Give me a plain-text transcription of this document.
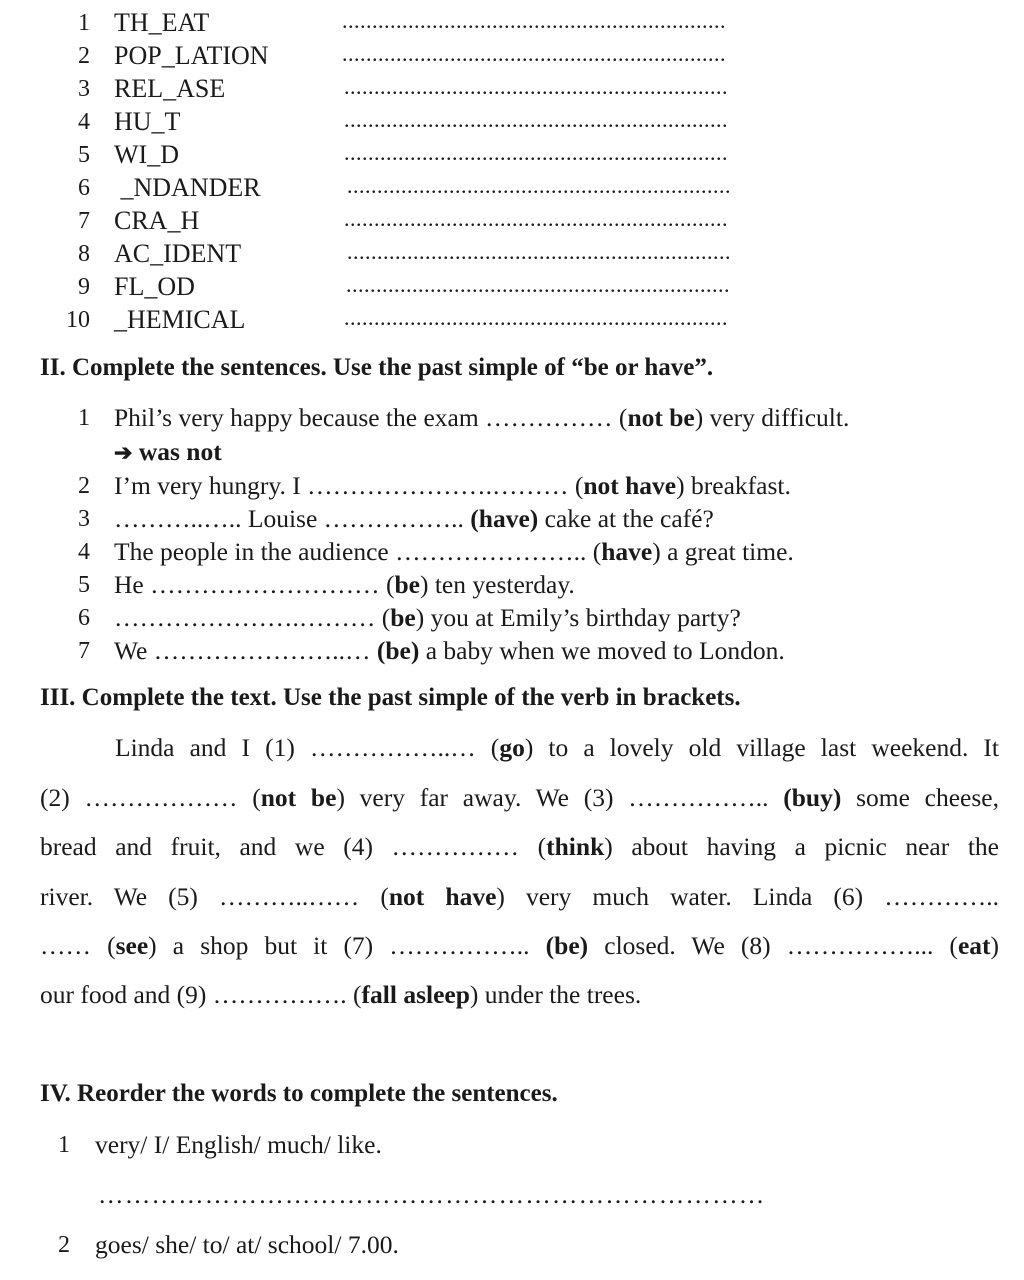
1 TH_EAT	................................................................
2 POP_LATION	................................................................
3 REL_ASE	................................................................
4 HU_T	................................................................
5 WI_D	................................................................
6 _NDANDER	................................................................
7 CRA_H	................................................................
8 AC_IDENT	................................................................
9 FL_OD	................................................................
10 _HEMICAL	................................................................
II. Complete the sentences. Use the past simple of “be or have”.
1 Phil’s very happy because the exam …………… (not be) very difficult.
2 I’m very hungry. I ………………….……… (not have) breakfast.
3 ………..….. Louise …………….. (have) cake at the café?
4 The people in the audience ………………….. (have) a great time.
5 He ……………………… (be) ten yesterday.
6 ………………….……… (be) you at Emily’s birthday party?
7 We …………………..… (be) a baby when we moved to London.
➔ was not
III. Complete the text. Use the past simple of the verb in brackets.
Linda and I (1) ……………..… (go) to a lovely old village last weekend. It
(2) ……………… (not be) very far away. We (3) …………….. (buy) some cheese,
bread and fruit, and we (4) …………… (think) about having a picnic near the
river. We (5) ………..…… (not have) very much water. Linda (6) …………..
…… (see) a shop but it (7) …………….. (be) closed. We (8) ……………... (eat)
our food and (9) ……………. (fall asleep) under the trees.
IV. Reorder the words to complete the sentences.
1 very/ I/ English/ much/ like.
2 goes/ she/ to/ at/ school/ 7.00.
…………………………………………………………………
